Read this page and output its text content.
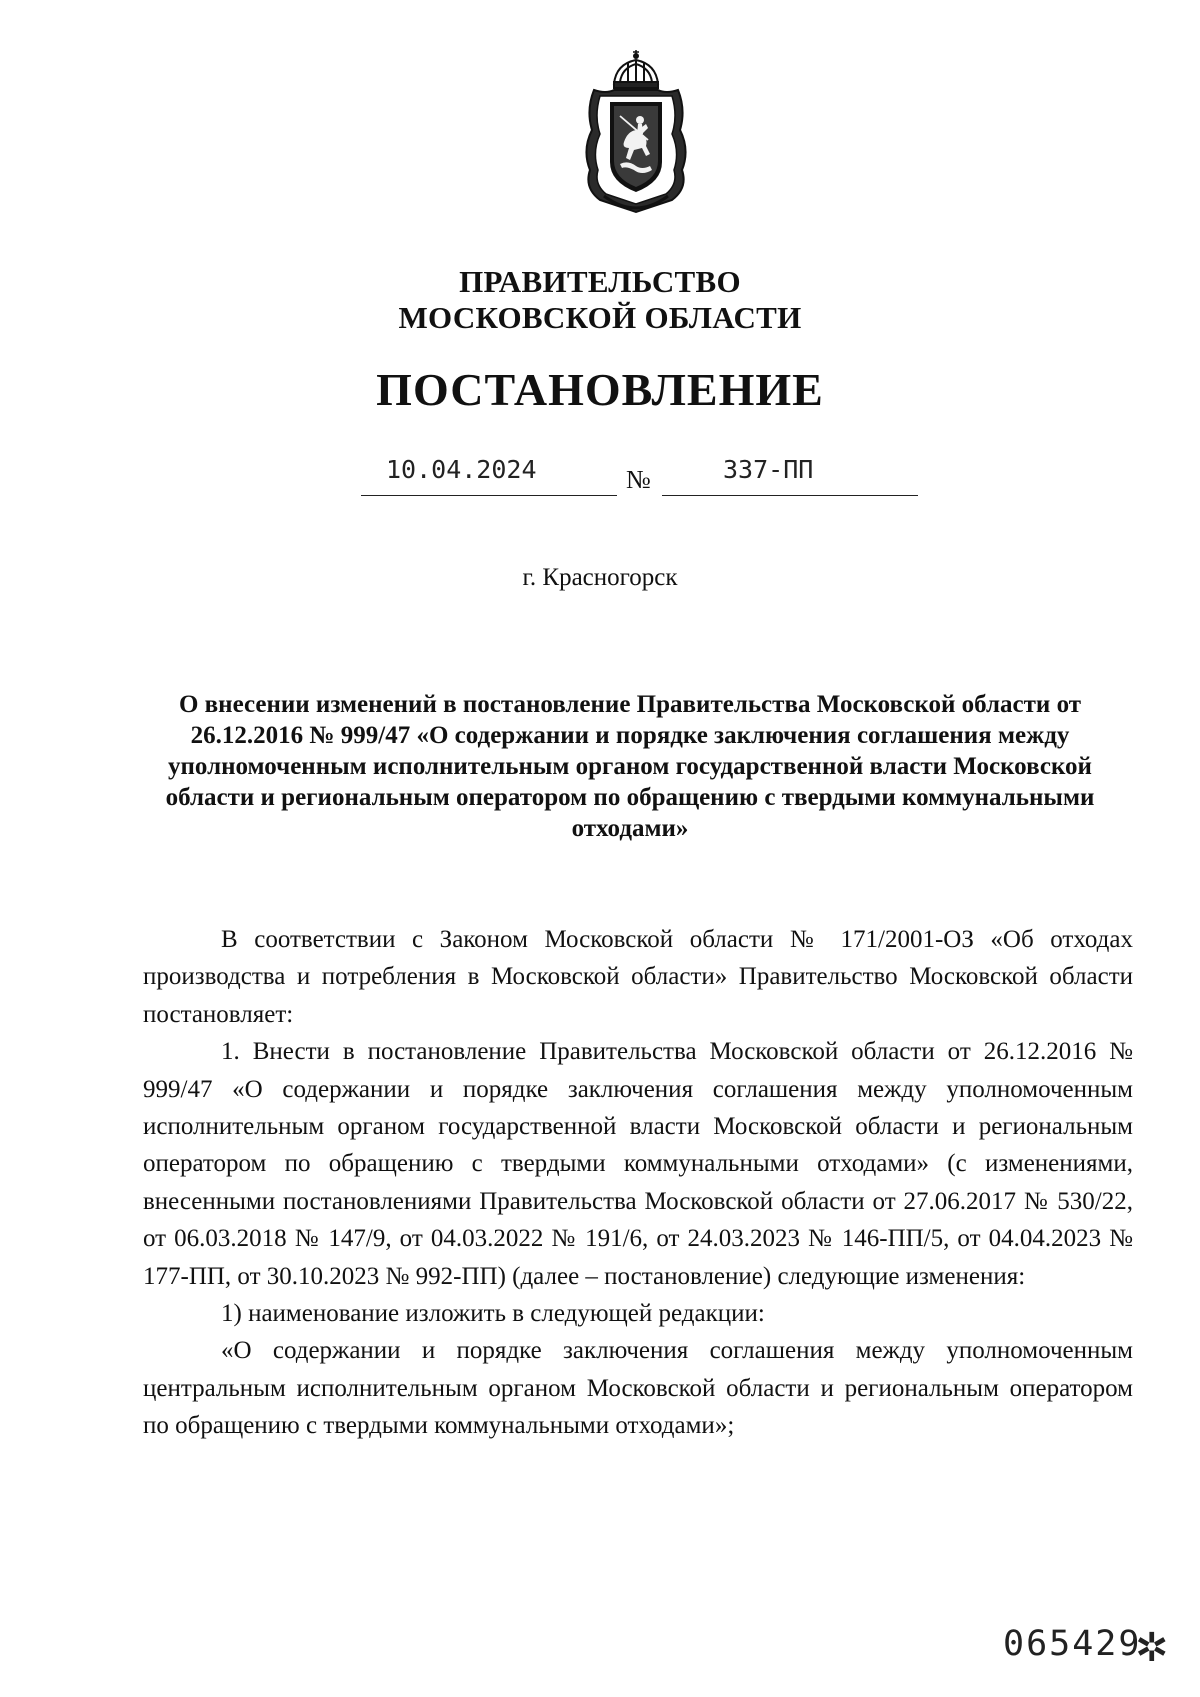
ПРАВИТЕЛЬСТВО
МОСКОВСКОЙ ОБЛАСТИ
ПОСТАНОВЛЕНИЕ
10.04.2024	№	337-ПП
г. Красногорск
О внесении изменений в постановление Правительства Московской области от 26.12.2016 № 999/47 «О содержании и порядке заключения соглашения между уполномоченным исполнительным органом государственной власти Московской области и региональным оператором по обращению с твердыми коммунальными отходами»

В соответствии с Законом Московской области № 171/2001-ОЗ «Об отходах производства и потребления в Московской области» Правительство Московской области постановляет:

1. Внести в постановление Правительства Московской области от 26.12.2016 № 999/47 «О содержании и порядке заключения соглашения между уполномоченным исполнительным органом государственной власти Московской области и региональным оператором по обращению с твердыми коммунальными отходами» (с изменениями, внесенными постановлениями Правительства Московской области от 27.06.2017 № 530/22, от 06.03.2018 № 147/9, от 04.03.2022 № 191/6, от 24.03.2023 № 146-ПП/5, от 04.04.2023 № 177-ПП, от 30.10.2023 № 992-ПП) (далее – постановление) следующие изменения:

1) наименование изложить в следующей редакции:

«О содержании и порядке заключения соглашения между уполномоченным центральным исполнительным органом Московской области и региональным оператором по обращению с твердыми коммунальными отходами»;

065429
✲
